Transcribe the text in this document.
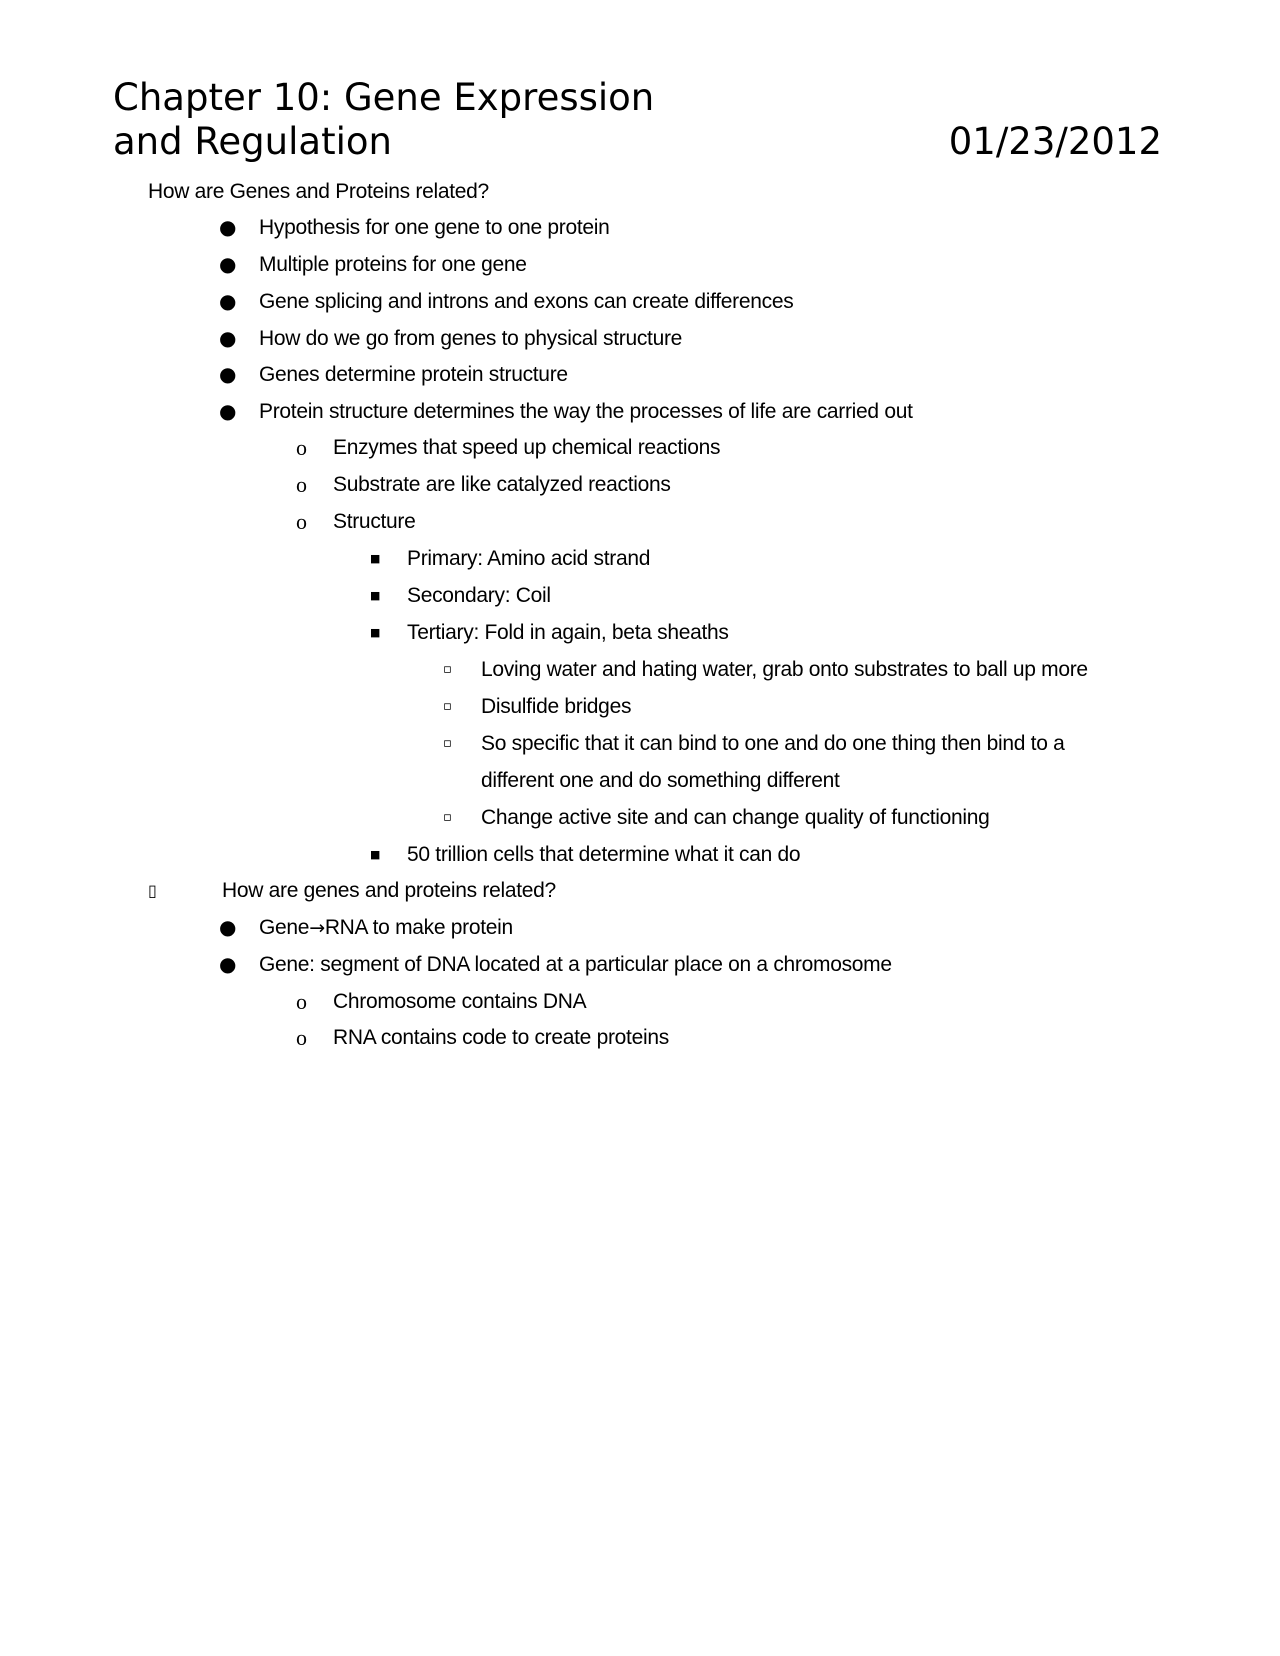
Chapter 10: Gene Expression
and Regulation	01/23/2012
How are Genes and Proteins related?
● Hypothesis for one gene to one protein
● Multiple proteins for one gene
● Gene splicing and introns and exons can create differences
● How do we go from genes to physical structure
● Genes determine protein structure
● Protein structure determines the way the processes of life are carried out
o Enzymes that speed up chemical reactions
o Substrate are like catalyzed reactions
o Structure
■ Primary: Amino acid strand
■ Secondary: Coil
■ Tertiary: Fold in again, beta sheaths
▫ Loving water and hating water, grab onto substrates to ball up more
▫ Disulfide bridges
▫ So specific that it can bind to one and do one thing then bind to a
different one and do something different
▫ Change active site and can change quality of functioning
■ 50 trillion cells that determine what it can do
▯	How are genes and proteins related?
● Gene→RNA to make protein
● Gene: segment of DNA located at a particular place on a chromosome
o Chromosome contains DNA
o RNA contains code to create proteins
